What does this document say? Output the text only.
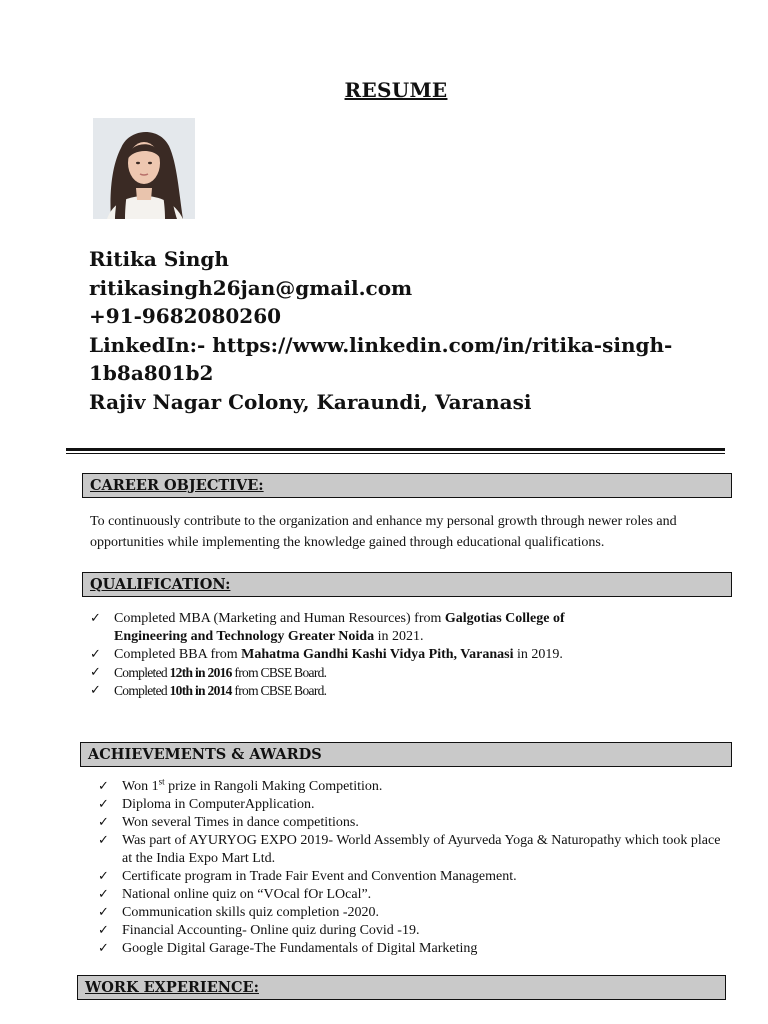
RESUME
Ritika Singh
ritikasingh26jan@gmail.com
+91-9682080260
LinkedIn:- https://www.linkedin.com/in/ritika-singh-
1b8a801b2
Rajiv Nagar Colony, Karaundi, Varanasi
CAREER OBJECTIVE:
To continuously contribute to the organization and enhance my personal growth through newer roles and opportunities while implementing the knowledge gained through educational qualifications.
QUALIFICATION:
✓ Completed MBA (Marketing and Human Resources) from Galgotias College of
Engineering and Technology Greater Noida in 2021.
✓ Completed BBA from Mahatma Gandhi Kashi Vidya Pith, Varanasi in 2019.
✓ Completed 12th in 2016 from CBSE Board.
✓ Completed 10th in 2014 from CBSE Board.
ACHIEVEMENTS & AWARDS
✓ Won 1st prize in Rangoli Making Competition.
✓ Diploma in ComputerApplication.
✓ Won several Times in dance competitions.
✓ Was part of AYURYOG EXPO 2019- World Assembly of Ayurveda Yoga & Naturopathy which took place at the India Expo Mart Ltd.
✓ Certificate program in Trade Fair Event and Convention Management.
✓ National online quiz on “VOcal fOr LOcal”.
✓ Communication skills quiz completion -2020.
✓ Financial Accounting- Online quiz during Covid -19.
✓ Google Digital Garage-The Fundamentals of Digital Marketing
WORK EXPERIENCE:
